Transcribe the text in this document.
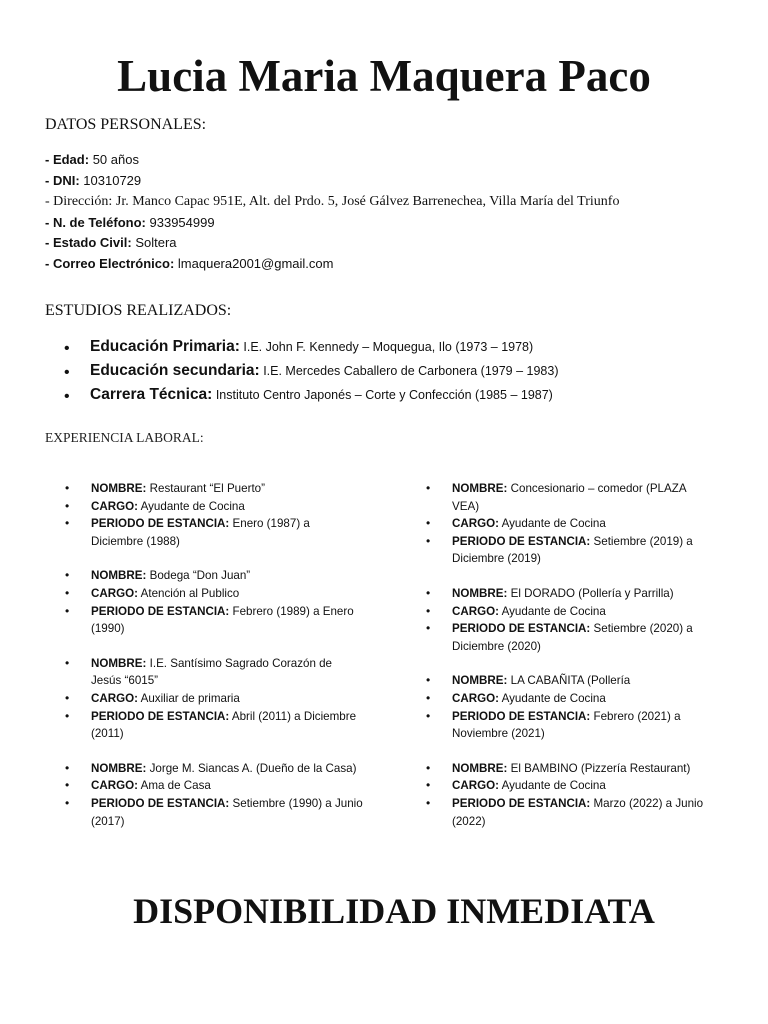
Lucia Maria Maquera Paco
DATOS PERSONALES:
- Edad: 50 años
- DNI: 10310729
- Dirección: Jr. Manco Capac 951E, Alt. del Prdo. 5, José Gálvez Barrenechea, Villa María del Triunfo
- N. de Teléfono: 933954999
- Estado Civil: Soltera
- Correo Electrónico: lmaquera2001@gmail.com
ESTUDIOS REALIZADOS:
• Educación Primaria: I.E. John F. Kennedy – Moquegua, Ilo (1973 – 1978)
• Educación secundaria: I.E. Mercedes Caballero de Carbonera (1979 – 1983)
• Carrera Técnica: Instituto Centro Japonés – Corte y Confección (1985 – 1987)
EXPERIENCIA LABORAL:
• NOMBRE: Restaurant “El Puerto”
• CARGO: Ayudante de Cocina
• PERIODO DE ESTANCIA: Enero (1987) a Diciembre (1988)
• NOMBRE: Bodega “Don Juan”
• CARGO: Atención al Publico
• PERIODO DE ESTANCIA: Febrero (1989) a Enero (1990)
• NOMBRE: I.E. Santísimo Sagrado Corazón de Jesús “6015”
• CARGO: Auxiliar de primaria
• PERIODO DE ESTANCIA: Abril (2011) a Diciembre (2011)
• NOMBRE: Jorge M. Siancas A. (Dueño de la Casa)
• CARGO: Ama de Casa
• PERIODO DE ESTANCIA: Setiembre (1990) a Junio (2017)
• NOMBRE: Concesionario – comedor (PLAZA VEA)
• CARGO: Ayudante de Cocina
• PERIODO DE ESTANCIA: Setiembre (2019) a Diciembre (2019)
• NOMBRE: El DORADO (Pollería y Parrilla)
• CARGO: Ayudante de Cocina
• PERIODO DE ESTANCIA: Setiembre (2020) a Diciembre (2020)
• NOMBRE: LA CABAÑITA (Pollería
• CARGO: Ayudante de Cocina
• PERIODO DE ESTANCIA: Febrero (2021) a Noviembre (2021)
• NOMBRE: El BAMBINO (Pizzería Restaurant)
• CARGO: Ayudante de Cocina
• PERIODO DE ESTANCIA: Marzo (2022) a Junio (2022)
DISPONIBILIDAD INMEDIATA
